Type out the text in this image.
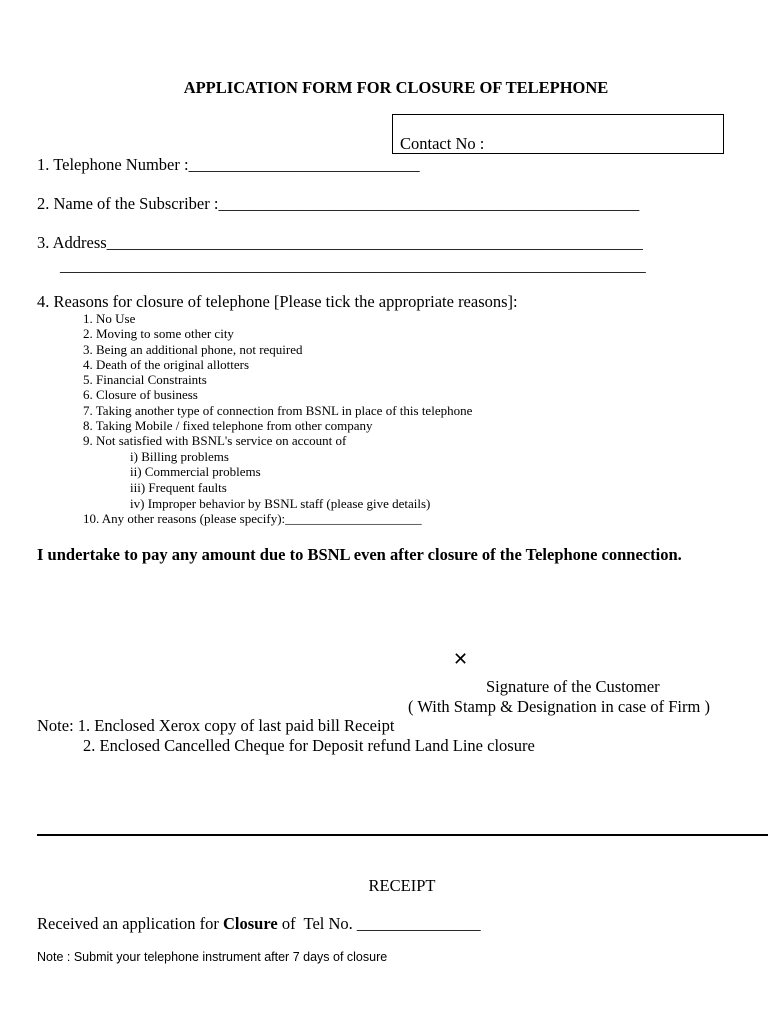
APPLICATION FORM FOR CLOSURE OF TELEPHONE
Contact No :
1. Telephone Number :____________________________
2. Name of the Subscriber :___________________________________________________
3. Address_________________________________________________________________
_______________________________________________________________________
4. Reasons for closure of telephone [Please tick the appropriate reasons]:
1. No Use
2. Moving to some other city
3. Being an additional phone, not required
4. Death of the original allotters
5. Financial Constraints
6. Closure of business
7. Taking another type of connection from BSNL in place of this telephone
8. Taking Mobile / fixed telephone from other company
9. Not satisfied with BSNL's service on account of
i) Billing problems
ii) Commercial problems
iii) Frequent faults
iv) Improper behavior by BSNL staff (please give details)
10. Any other reasons (please specify):_____________________
I undertake to pay any amount due to BSNL even after closure of the Telephone connection.
✕
Signature of the Customer
( With Stamp & Designation in case of Firm )
Note: 1. Enclosed Xerox copy of last paid bill Receipt
2. Enclosed Cancelled Cheque for Deposit refund Land Line closure
RECEIPT
Received an application for Closure of  Tel No. _______________
Note : Submit your telephone instrument after 7 days of closure
